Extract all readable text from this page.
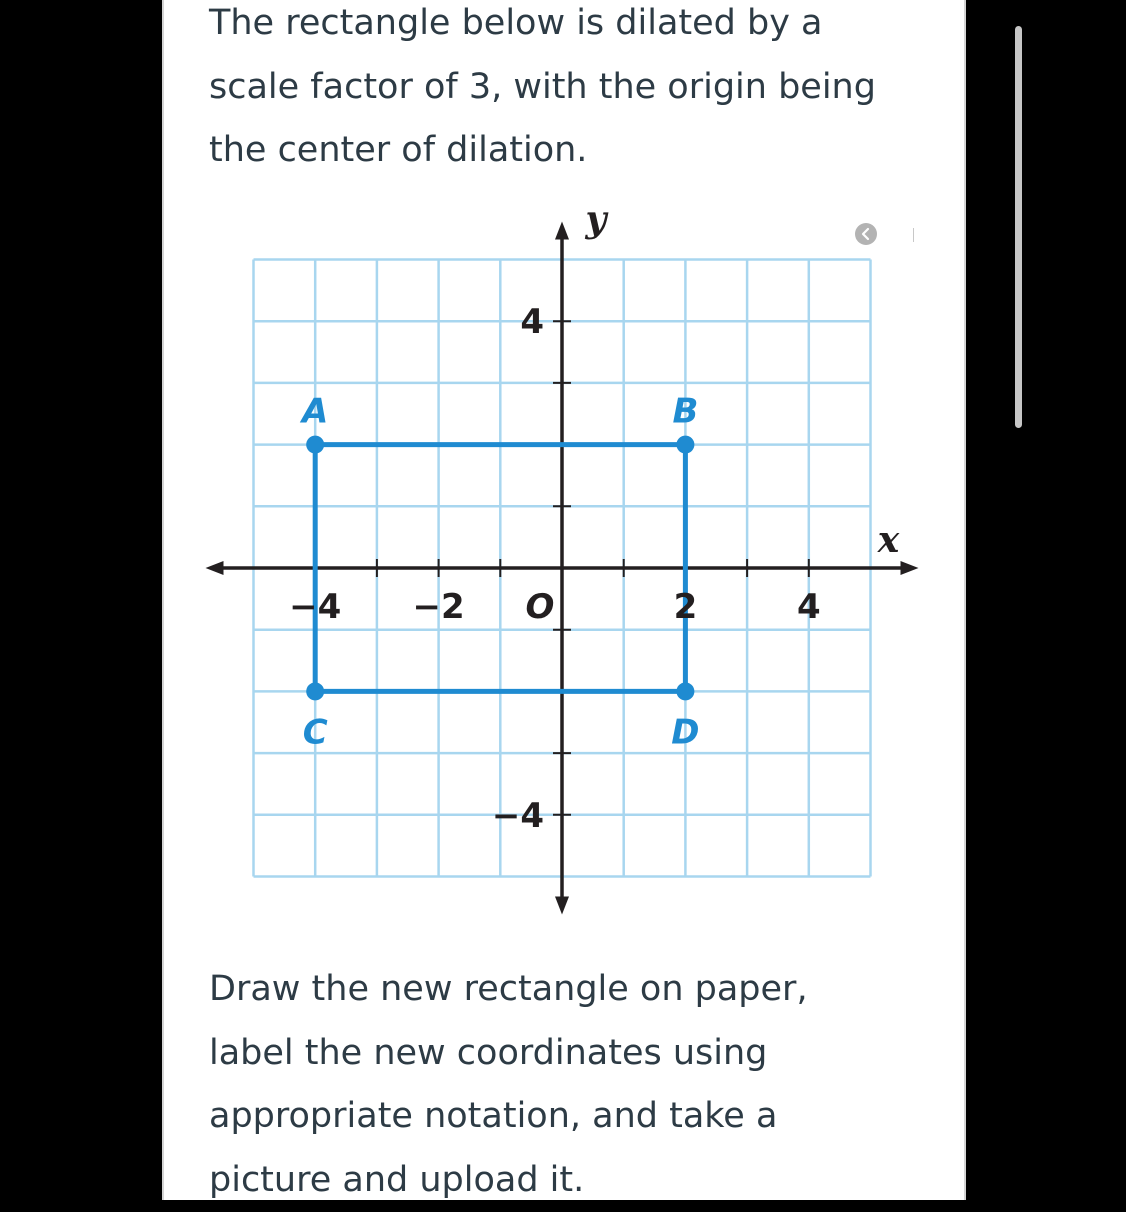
The rectangle below is dilated by a
scale factor of 3, with the origin being
the center of dilation.

Draw the new rectangle on paper,
label the new coordinates using
appropriate notation, and take a
picture and upload it.

−4 −2	2	4
4
−4
O
x
y
A	B
C	D
